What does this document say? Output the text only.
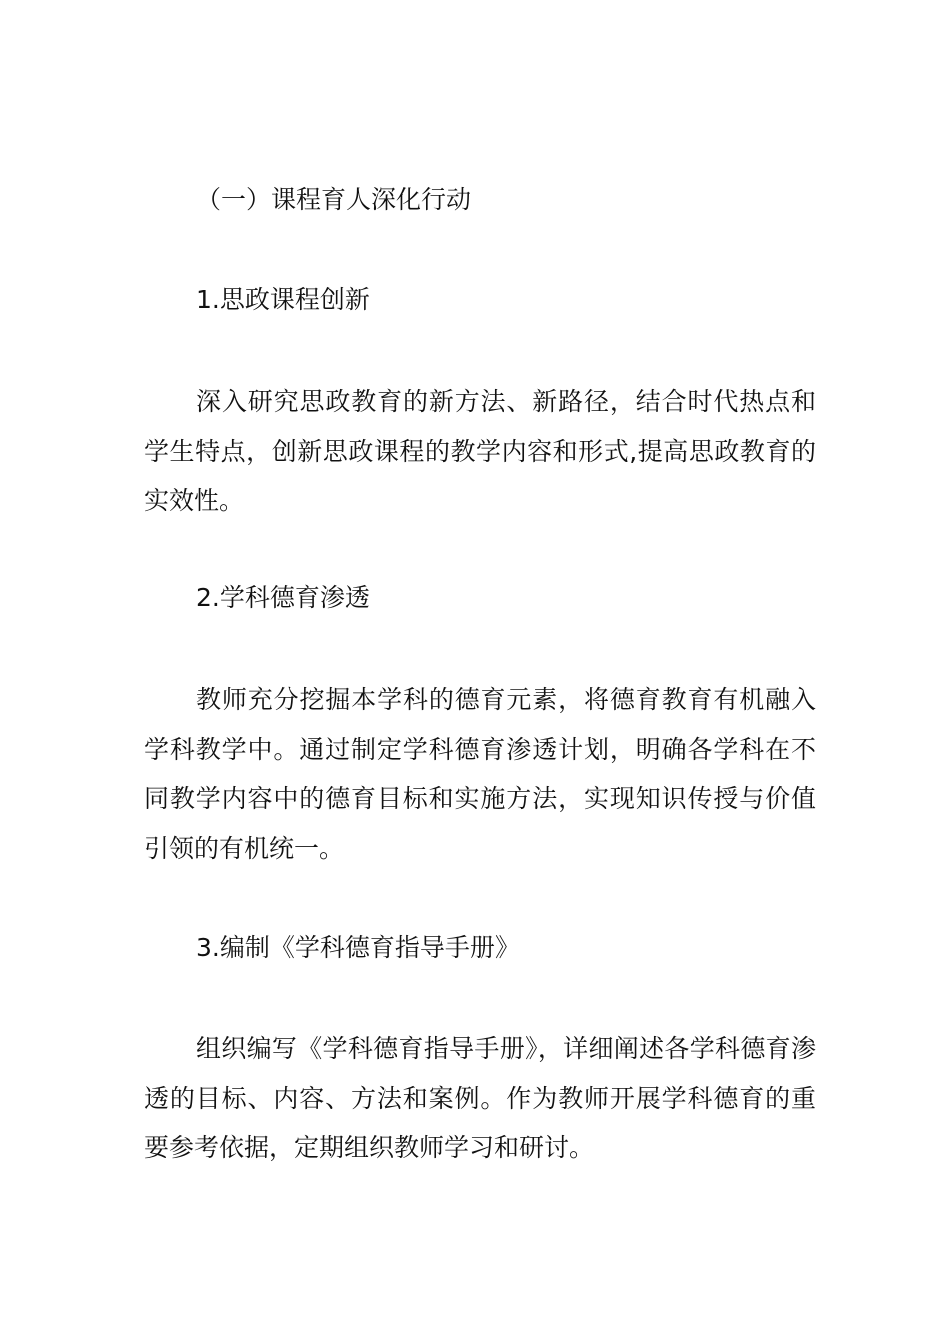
（一）课程育人深化行动
1.思政课程创新

深入研究思政教育的新方法、新路径，结合时代热点和学生特点，创新思政课程的教学内容和形式,提高思政教育的实效性。

2.学科德育渗透

教师充分挖掘本学科的德育元素，将德育教育有机融入学科教学中。通过制定学科德育渗透计划，明确各学科在不同教学内容中的德育目标和实施方法，实现知识传授与价值引领的有机统一。

3.编制《学科德育指导手册》

组织编写《学科德育指导手册》，详细阐述各学科德育渗透的目标、内容、方法和案例。作为教师开展学科德育的重要参考依据，定期组织教师学习和研讨。
